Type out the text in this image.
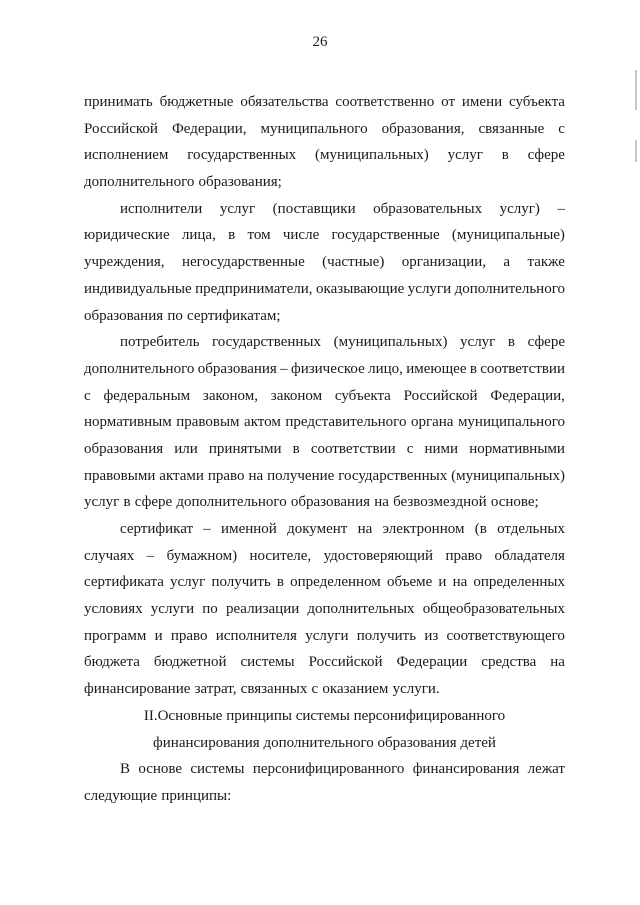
26
принимать бюджетные обязательства соответственно от имени субъекта
Российской Федерации, муниципального образования, связанные с
исполнением государственных (муниципальных) услуг в сфере
дополнительного образования;
исполнители услуг (поставщики образовательных услуг) –
юридические лица, в том числе государственные (муниципальные)
учреждения, негосударственные (частные) организации, а также
индивидуальные предприниматели, оказывающие услуги дополнительного
образования по сертификатам;
потребитель государственных (муниципальных) услуг в сфере
дополнительного образования – физическое лицо, имеющее в соответствии
с федеральным законом, законом субъекта Российской Федерации,
нормативным правовым актом представительного органа муниципального
образования или принятыми в соответствии с ними нормативными
правовыми актами право на получение государственных (муниципальных)
услуг в сфере дополнительного образования на безвозмездной основе;
сертификат – именной документ на электронном (в отдельных
случаях – бумажном) носителе, удостоверяющий право обладателя
сертификата услуг получить в определенном объеме и на определенных
условиях услуги по реализации дополнительных общеобразовательных
программ и право исполнителя услуги получить из соответствующего
бюджета бюджетной системы Российской Федерации средства на
финансирование затрат, связанных с оказанием услуги.
II.Основные принципы системы персонифицированного
финансирования дополнительного образования детей
В основе системы персонифицированного финансирования лежат
следующие принципы:
